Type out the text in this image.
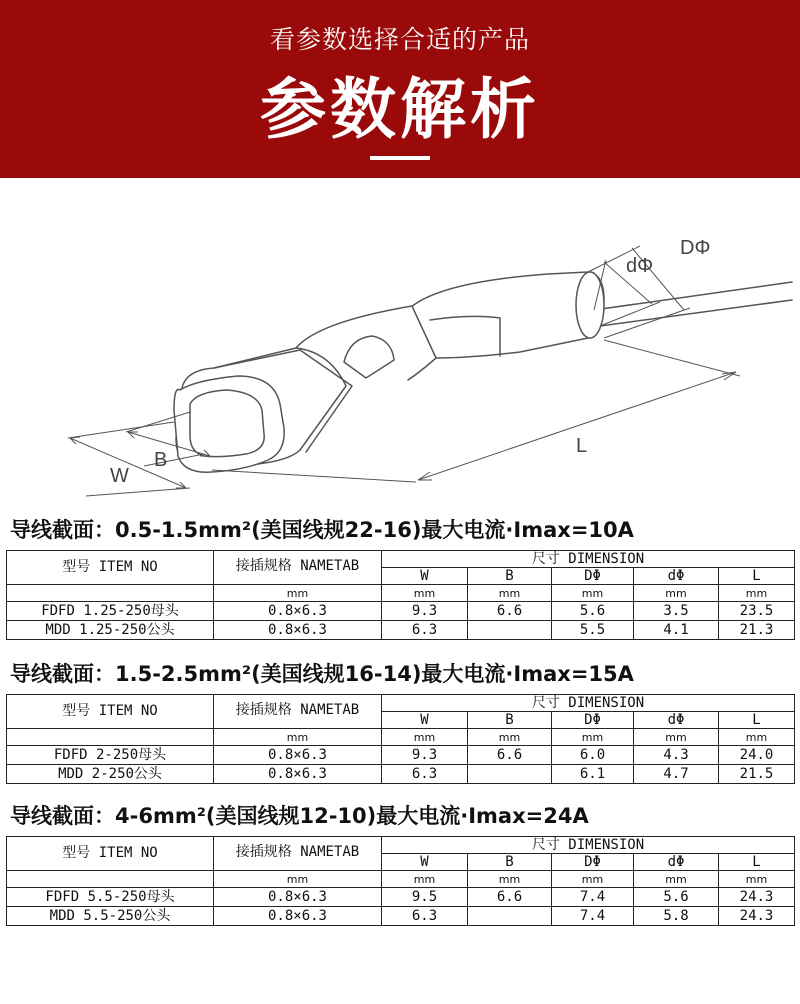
看参数选择合适的产品
参数解析
DΦ
dΦ
L
B
W
导线截面：0.5-1.5mm²(美国线规22-16)最大电流·Imax=10A
型号 ITEM NO	接插规格 NAMETAB	尺寸 DIMENSION				
		W	B	DΦ	dΦ	L
	mm	mm	mm	mm	mm	mm
FDFD 1.25-250母头	0.8×6.3	9.3	6.6	5.6	3.5	23.5
MDD 1.25-250公头	0.8×6.3	6.3		5.5	4.1	21.3
导线截面：1.5-2.5mm²(美国线规16-14)最大电流·Imax=15A
型号 ITEM NO	接插规格 NAMETAB	尺寸 DIMENSION				
		W	B	DΦ	dΦ	L
	mm	mm	mm	mm	mm	mm
FDFD 2-250母头	0.8×6.3	9.3	6.6	6.0	4.3	24.0
MDD 2-250公头	0.8×6.3	6.3		6.1	4.7	21.5
导线截面：4-6mm²(美国线规12-10)最大电流·Imax=24A
型号 ITEM NO	接插规格 NAMETAB	尺寸 DIMENSION				
		W	B	DΦ	dΦ	L
	mm	mm	mm	mm	mm	mm
FDFD 5.5-250母头	0.8×6.3	9.5	6.6	7.4	5.6	24.3
MDD 5.5-250公头	0.8×6.3	6.3		7.4	5.8	24.3
